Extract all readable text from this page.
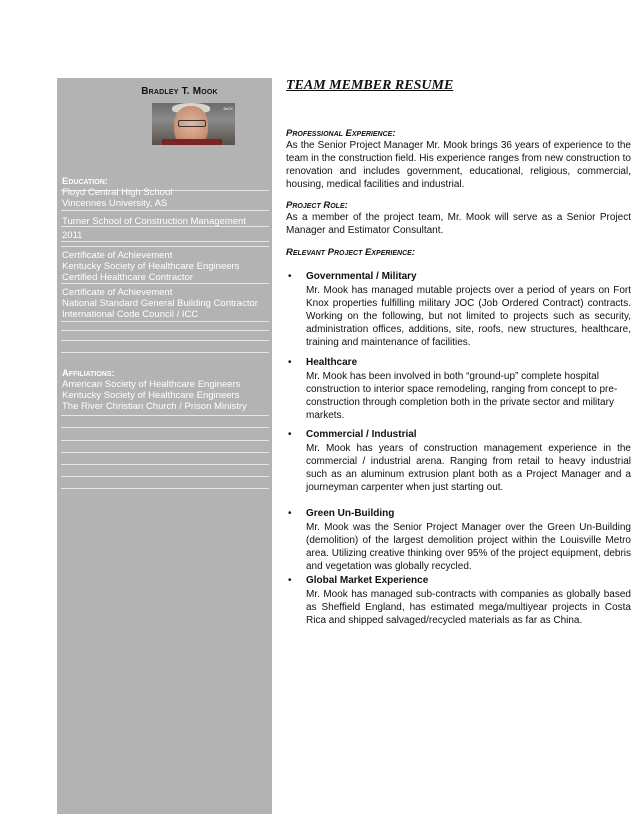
Bradley T. Mook
JACK
Education:
Floyd Central High School
Vincennes University, AS
Turner School of Construction Management
2011
Certificate of Achievement
Kentucky Society of Healthcare Engineers
Certified Healthcare Contractor
Certificate of Achievement
National Standard General Building Contractor
International Code Council / ICC
Affiliations:
American Society of Healthcare Engineers
Kentucky Society of Healthcare Engineers
The River Christian Church / Prison Ministry
TEAM MEMBER RESUME
Professional Experience:
As the Senior Project Manager Mr. Mook brings 36 years of experience to the team in the construction field. His experience ranges from new construction to renovation and includes government, educational, religious, commercial, housing, medical facilities and industrial.
Project Role:
As a member of the project team, Mr. Mook will serve as a Senior Project Manager and Estimator Consultant.
Relevant Project Experience:
• Governmental / Military
Mr. Mook has managed mutable projects over a period of years on Fort Knox properties fulfilling military JOC (Job Ordered Contract) contracts. Working on the following, but not limited to projects such as security, administration offices, additions, site, roofs, new structures, healthcare, training and maintenance of facilities.
• Healthcare
Mr. Mook has been involved in both “ground-up” complete hospital construction to interior space remodeling, ranging from concept to pre-construction through completion both in the private sector and military markets.
• Commercial / Industrial
Mr. Mook has years of construction management experience in the commercial / industrial arena. Ranging from retail to heavy industrial such as an aluminum extrusion plant both as a Project Manager and a journeyman carpenter when just starting out.
• Green Un-Building
Mr. Mook was the Senior Project Manager over the Green Un-Building (demolition) of the largest demolition project within the Louisville Metro area. Utilizing creative thinking over 95% of the project equipment, debris and vegetation was globally recycled.
• Global Market Experience
Mr. Mook has managed sub-contracts with companies as globally based as Sheffield England, has estimated mega/multiyear projects in Costa Rica and shipped salvaged/recycled materials as far as China.
